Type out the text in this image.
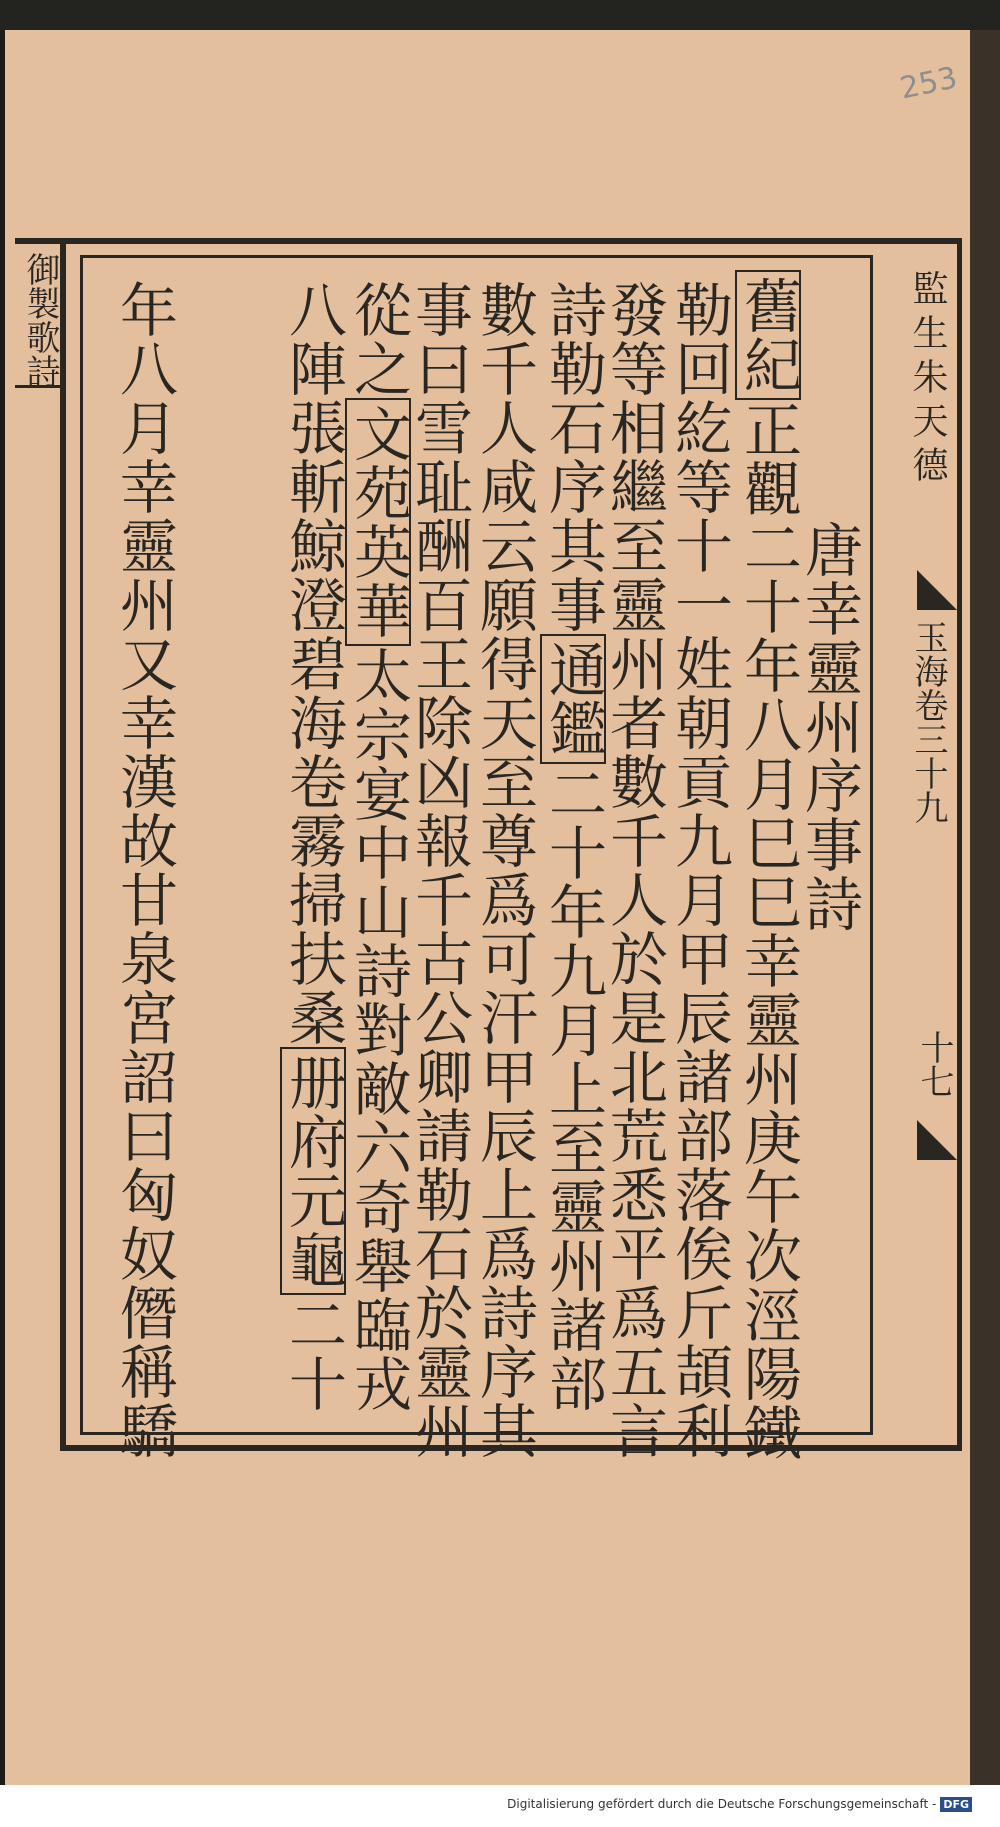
253
御製歌詩	監生朱天德
玉海卷三十九
十七
唐幸靈州序事詩
舊紀正觀二十年八月巳巳幸靈州庚午次涇陽鐵
勒回紇等十一姓朝貢九月甲辰諸部落俟斤頡利
發等相繼至靈州者數千人於是北荒悉平爲五言
詩勒石序其事通鑑二十年九月上至靈州諸部
數千人咸云願得天至尊爲可汗甲辰上爲詩序其
事曰雪耻酬百王除凶報千古公卿請勒石於靈州
從之文苑英華太宗宴中山詩對敵六奇舉臨戎
八陣張斬鯨澄碧海卷霧掃扶桑册府元龜二十
年八月幸靈州又幸漢故甘泉宮詔曰匈奴僭稱驕
Digitalisierung gefördert durch die Deutsche Forschungsgemeinschaft - DFG
